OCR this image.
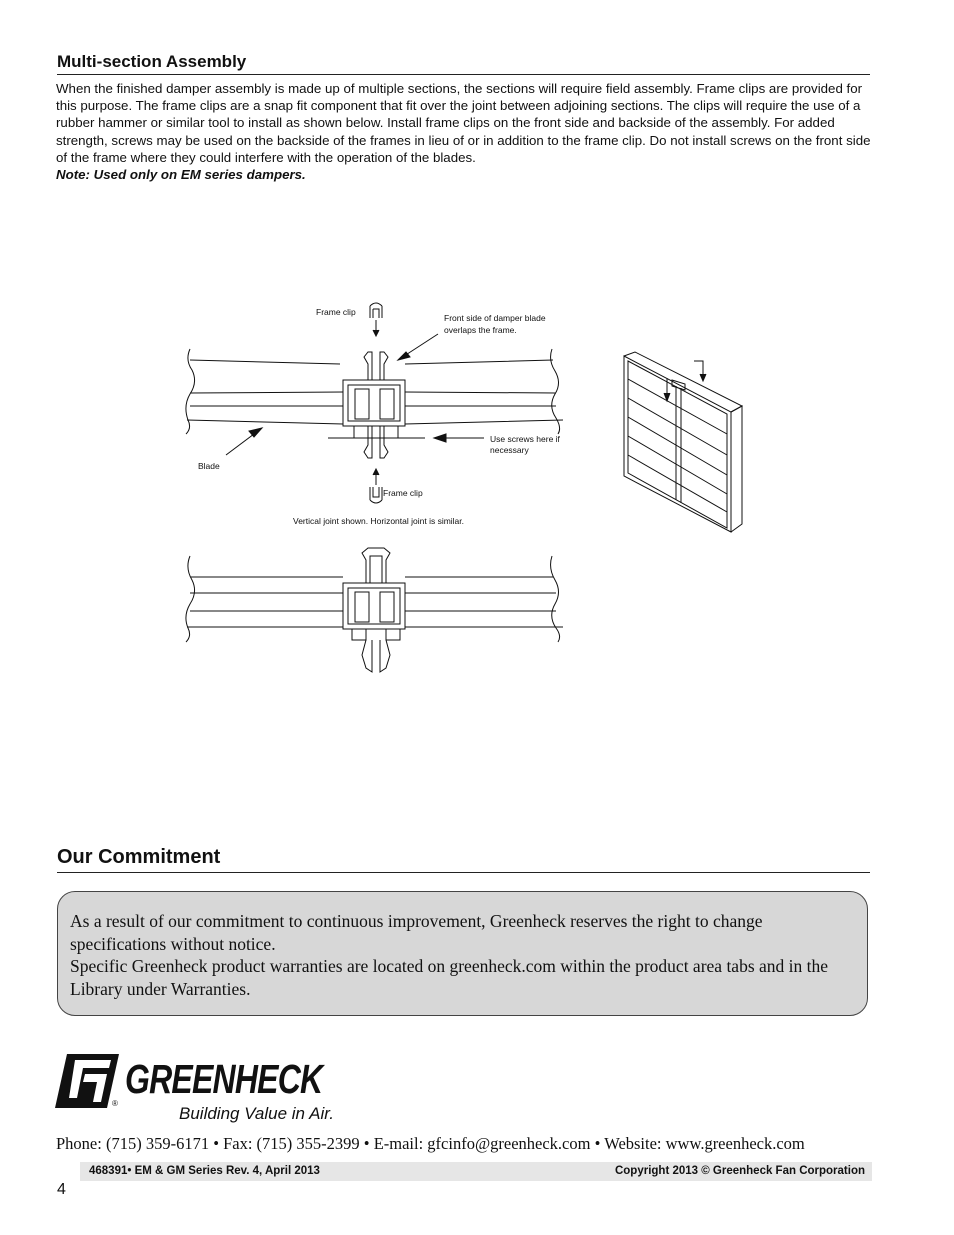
Multi-section Assembly

When the finished damper assembly is made up of multiple sections, the sections will require field assembly. Frame clips are provided for this purpose. The frame clips are a snap fit component that fit over the joint between adjoining sections. The clips will require the use of a rubber hammer or similar tool to install as shown below. Install frame clips on the front side and backside of the assembly. For added strength, screws may be used on the backside of the frames in lieu of or in addition to the frame clip. Do not install screws on the front side of the frame where they could interfere with the operation of the blades.
Note: Used only on EM series dampers.

Frame clip
Front side of damper blade
overlaps the frame.
Use screws here if
necessary
Blade
Frame clip
Vertical joint shown. Horizontal joint is similar.
Our Commitment

As a result of our commitment to continuous improvement, Greenheck reserves the right to change specifications without notice.

Specific Greenheck product warranties are located on greenheck.com within the product area tabs and in the Library under Warranties.

GREENHECK
®
Building Value in Air.
Phone: (715) 359-6171 • Fax: (715) 355-2399 • E-mail: gfcinfo@greenheck.com • Website: www.greenheck.com
468391• EM & GM Series Rev. 4, April 2013	Copyright 2013 © Greenheck Fan Corporation
4
